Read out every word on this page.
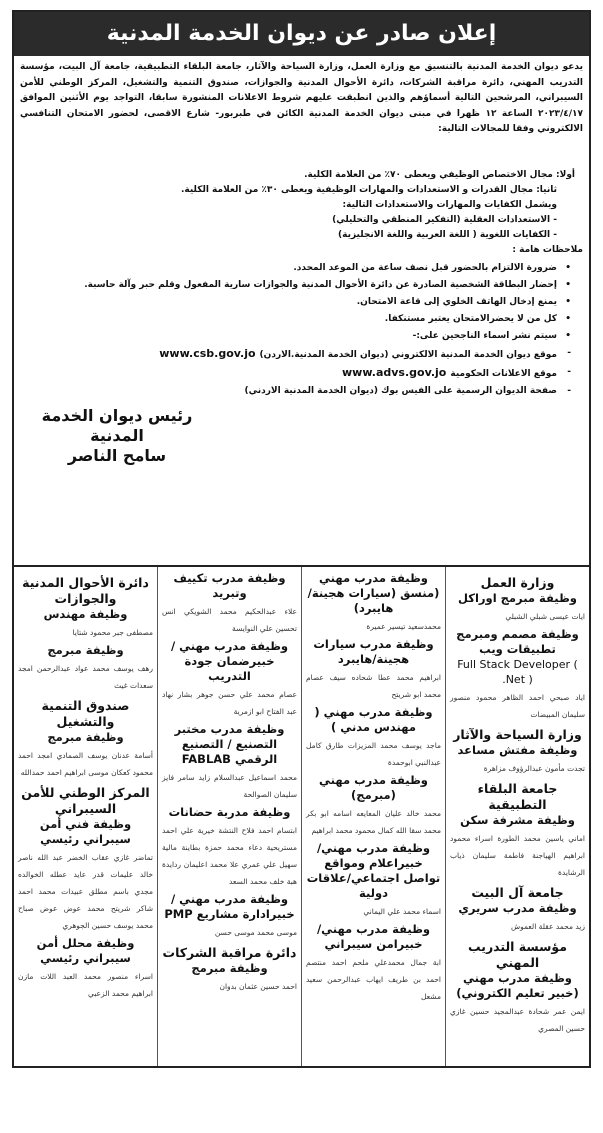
إعلان صادر عن ديوان الخدمة المدنية
يدعو ديوان الخدمة المدنية بالتنسيق مع وزارة العمل، وزارة السياحة والآثار، جامعة البلقاء التطبيقية، جامعة آل البيت، مؤسسة التدريب المهني، دائرة مراقبة الشركات، دائرة الأحوال المدنية والجوازات، صندوق التنمية والتشغيل، المركز الوطني للأمن السيبراني، المرشحين التالية أسماؤهم والذين انطبقت عليهم شروط الاعلانات المنشورة سابقا، التواجد يوم الأثنين الموافق ٢٠٢٣/٤/١٧ الساعة ١٢ ظهرا في مبنى ديوان الخدمة المدنية الكائن في طبربور- شارع الاقصى، لحضور الامتحان التنافسي الالكتروني وفقا للمجالات التالية:
أولا: مجال الاختصاص الوظيفي ويعطى ٧٠٪ من العلامة الكلية.
ثانيا: مجال القدرات و الاستعدادات والمهارات الوظيفية ويعطى ٣٠٪ من العلامة الكلية.
ويشمل الكفايات والمهارات والاستعدادات التالية:
- الاستعدادات العقلية (التفكير المنطقي والتحليلي)
- الكفايات اللغوية ( اللغة العربية واللغة الانجليزية)
ملاحظات هامة :
•
ضرورة الالتزام بالحضور قبل نصف ساعة من الموعد المحدد.
•
إحضار البطاقة الشخصية الصادرة عن دائرة الأحوال المدنية والجوازات سارية المفعول وقلم حبر وآلة حاسبة.
•
يمنع إدخال الهاتف الخلوي إلى قاعة الامتحان.
•
كل من لا يحضرالامتحان يعتبر مستنكفا.
•
سيتم نشر اسماء الناجحين على:-
-
موقع ديوان الخدمة المدنية الالكتروني (ديوان الخدمة المدنية.الاردن)www.csb.gov.jo
-
موقع الاعلانات الحكوميةwww.advs.gov.jo
-
صفحة الديوان الرسمية على الفيس بوك (ديوان الخدمة المدنية الاردني)
رئيس ديوان الخدمة المدنية
سامح الناصر
وزارة العمل
وظيفة مبرمج اوراكل
ايات عيسى شبلي الشبلي
وظيفة مصمم ومبرمج تطبيقات ويب
Full Stack Developer ( .Net )
اياد صبحي احمد الظاهر محمود منصور سليمان المبيضات
وزارة السياحة والآثار
وظيفة مفتش مساعد
تجدت مأمون عبدالرؤوف مزاهرة
جامعة البلقاء التطبيقية
وظيفة مشرفة سكن
اماني ياسين محمد الطورة اسراء محمود ابراهيم الهياجنة فاطمة سليمان ذياب الرشايدة
جامعة آل البيت
وظيفة مدرب سريري
زيد محمد عقلة العموش
مؤسسة التدريب المهني
وظيفة مدرب مهني (خبير تعليم الكتروني)
ايمن عمر شحادة عبدالمجيد حسين غازي حسين المصري
وظيفة مدرب مهني (منسق (سيارات هجينة/هايبرد)
محمدسعيد تيسير عميرة
وظيفة مدرب سيارات هجينة/هايبرد
ابراهيم محمد عطا شحاده سيف عصام محمد ابو شريتح
وظيفة مدرب مهني ( مهندس مدني )
ماجد يوسف محمد المزيزات طارق كامل عبدالنبي ابوحمدة
وظيفة مدرب مهني (مبرمج)
محمد خالد عليان المعايعه اسامه ابو بكر محمد سقا الله كمال محمود محمد ابراهيم
وظيفة مدرب مهني/ خبيراعلام ومواقع تواصل اجتماعي/علاقات دولية
اسماء محمد علي اليماني
وظيفة مدرب مهني/ خبيرامن سيبراني
ابة جمال محمدعلي ملحم احمد منتصم احمد بن طريف ايهاب عبدالرحمن سعيد مشعل
وظيفة مدرب تكييف وتبريد
علاء عبدالحكيم محمد الشويكي انس تحسين علي النوايسة
وظيفة مدرب مهني /خبيرضمان جودة التدريب
عصام محمد علي حسن جوهر بشار نهاد عبد الفتاح ابو ازمرية
وظيفة مدرب مختبر التصنيع / التصنيع الرقمي FABLAB
محمد اسماعيل عبدالسلام زايد سامر فايز سليمان الصوالحة
وظيفة مدربة حضانات
ابتسام احمد فلاح النتشة خيرية علي احمد مستريحية دعاء محمد حمزة بطاينة مالية سهيل علي عمري علا محمد اعليمان ردايدة هبة خلف محمد السعد
وظيفة مدرب مهني /خبيرادارة مشاريع PMP
موسى محمد موسى حسن
دائرة مراقبة الشركات
وظيفة مبرمج
احمد حسين عثمان بدوان
دائرة الأحوال المدنية والجوازات
وظيفة مهندس
مصطفى جبر محمود شتايا
وظيفة مبرمج
رهف يوسف محمد عواد عبدالرحمن امجد سعدات غيث
صندوق التنمية والتشغيل
وظيفة مبرمج
أسامة عدنان يوسف الصمادي امجد احمد محمود كعكان موسى ابراهيم احمد حمدالله
المركز الوطني للأمن السيبراني
وظيفة فني أمن سيبراني رئيسي
تماضر غازي عقاب الخضر عبد الله ناصر خالد عليمات قدر عايد عطله الخوالده مجدي باسم مطلق عبيدات محمد احمد شاكر شريتح محمد عوض عوض صباح محمد يوسف حسين الجوهري
وظيفة محلل أمن سيبراني رئيسي
اسراء منصور محمد العبد اللات مازن ابراهيم محمد الزعبي
